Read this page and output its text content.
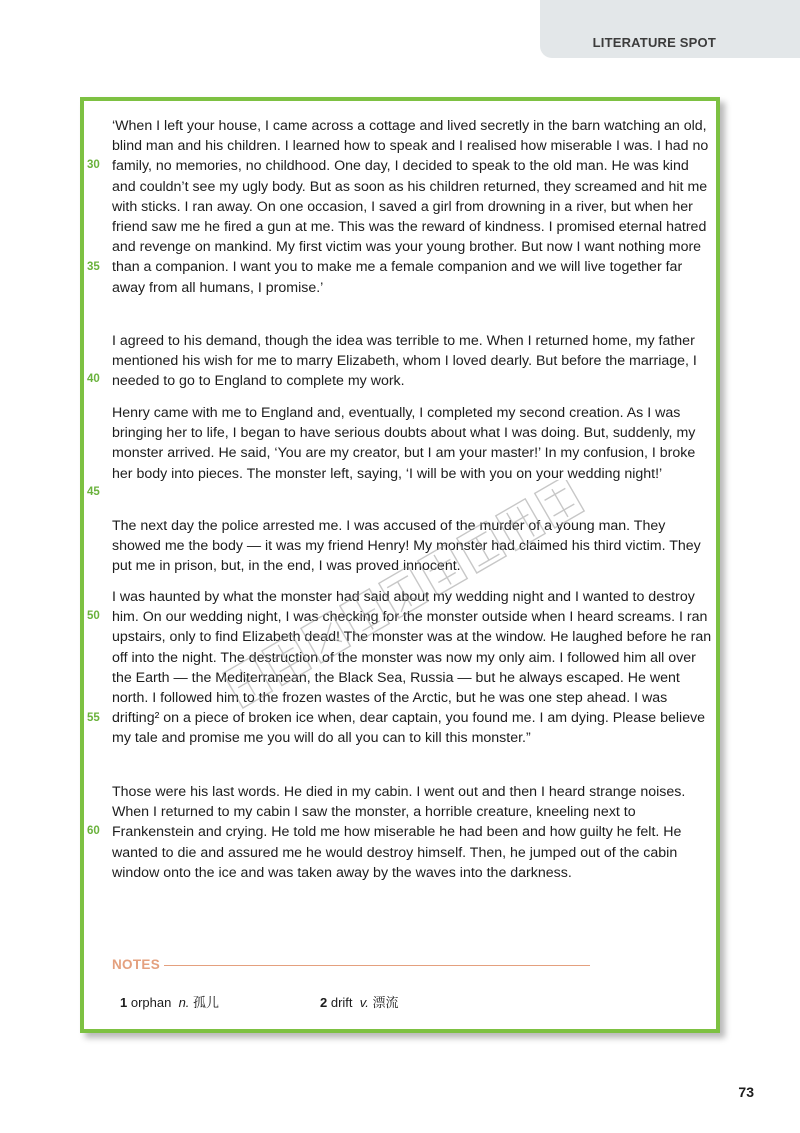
LITERATURE SPOT

‘When I left your house, I came across a cottage and lived secretly in the barn watching an old, blind man and his children. I learned how to speak and I realised how miserable I was. I had no family, no memories, no childhood. One day, I decided to speak to the old man. He was kind and couldn’t see my ugly body. But as soon as his children returned, they screamed and hit me with sticks. I ran away. On one occasion, I saved a girl from drowning in a river, but when her friend saw me he fired a gun at me. This was the reward of kindness. I promised eternal hatred and revenge on mankind. My first victim was your young brother. But now I want nothing more than a companion. I want you to make me a female companion and we will live together far away from all humans, I promise.’

I agreed to his demand, though the idea was terrible to me. When I returned home, my father mentioned his wish for me to marry Elizabeth, whom I loved dearly. But before the marriage, I needed to go to England to complete my work.

Henry came with me to England and, eventually, I completed my second creation. As I was bringing her to life, I began to have serious doubts about what I was doing. But, suddenly, my monster arrived. He said, ‘You are my creator, but I am your master!’ In my confusion, I broke her body into pieces. The monster left, saying, ‘I will be with you on your wedding night!’

The next day the police arrested me. I was accused of the murder of a young man. They showed me the body — it was my friend Henry! My monster had claimed his third victim. They put me in prison, but, in the end, I was proved innocent.

I was haunted by what the monster had said about my wedding night and I wanted to destroy him. On our wedding night, I was checking for the monster outside when I heard screams. I ran upstairs, only to find Elizabeth dead! The monster was at the window. He laughed before he ran off into the night. The destruction of the monster was now my only aim. I followed him all over the Earth — the Mediterranean, the Black Sea, Russia — but he always escaped. He went north. I followed him to the frozen wastes of the Arctic, but he was one step ahead. I was drifting² on a piece of broken ice when, dear captain, you found me. I am dying. Please believe my tale and promise me you will do all you can to kill this monster.”

Those were his last words. He died in my cabin. I went out and then I heard strange noises. When I returned to my cabin I saw the monster, a horrible creature, kneeling next to Frankenstein and crying. He told me how miserable he had been and how guilty he felt. He wanted to die and assured me he would destroy himself. Then, he jumped out of the cabin window onto the ice and was taken away by the waves into the darkness.

30
35
40
45
50
55
60
NOTES
1 orphan n. 孤儿	2 drift v. 漂流
73
